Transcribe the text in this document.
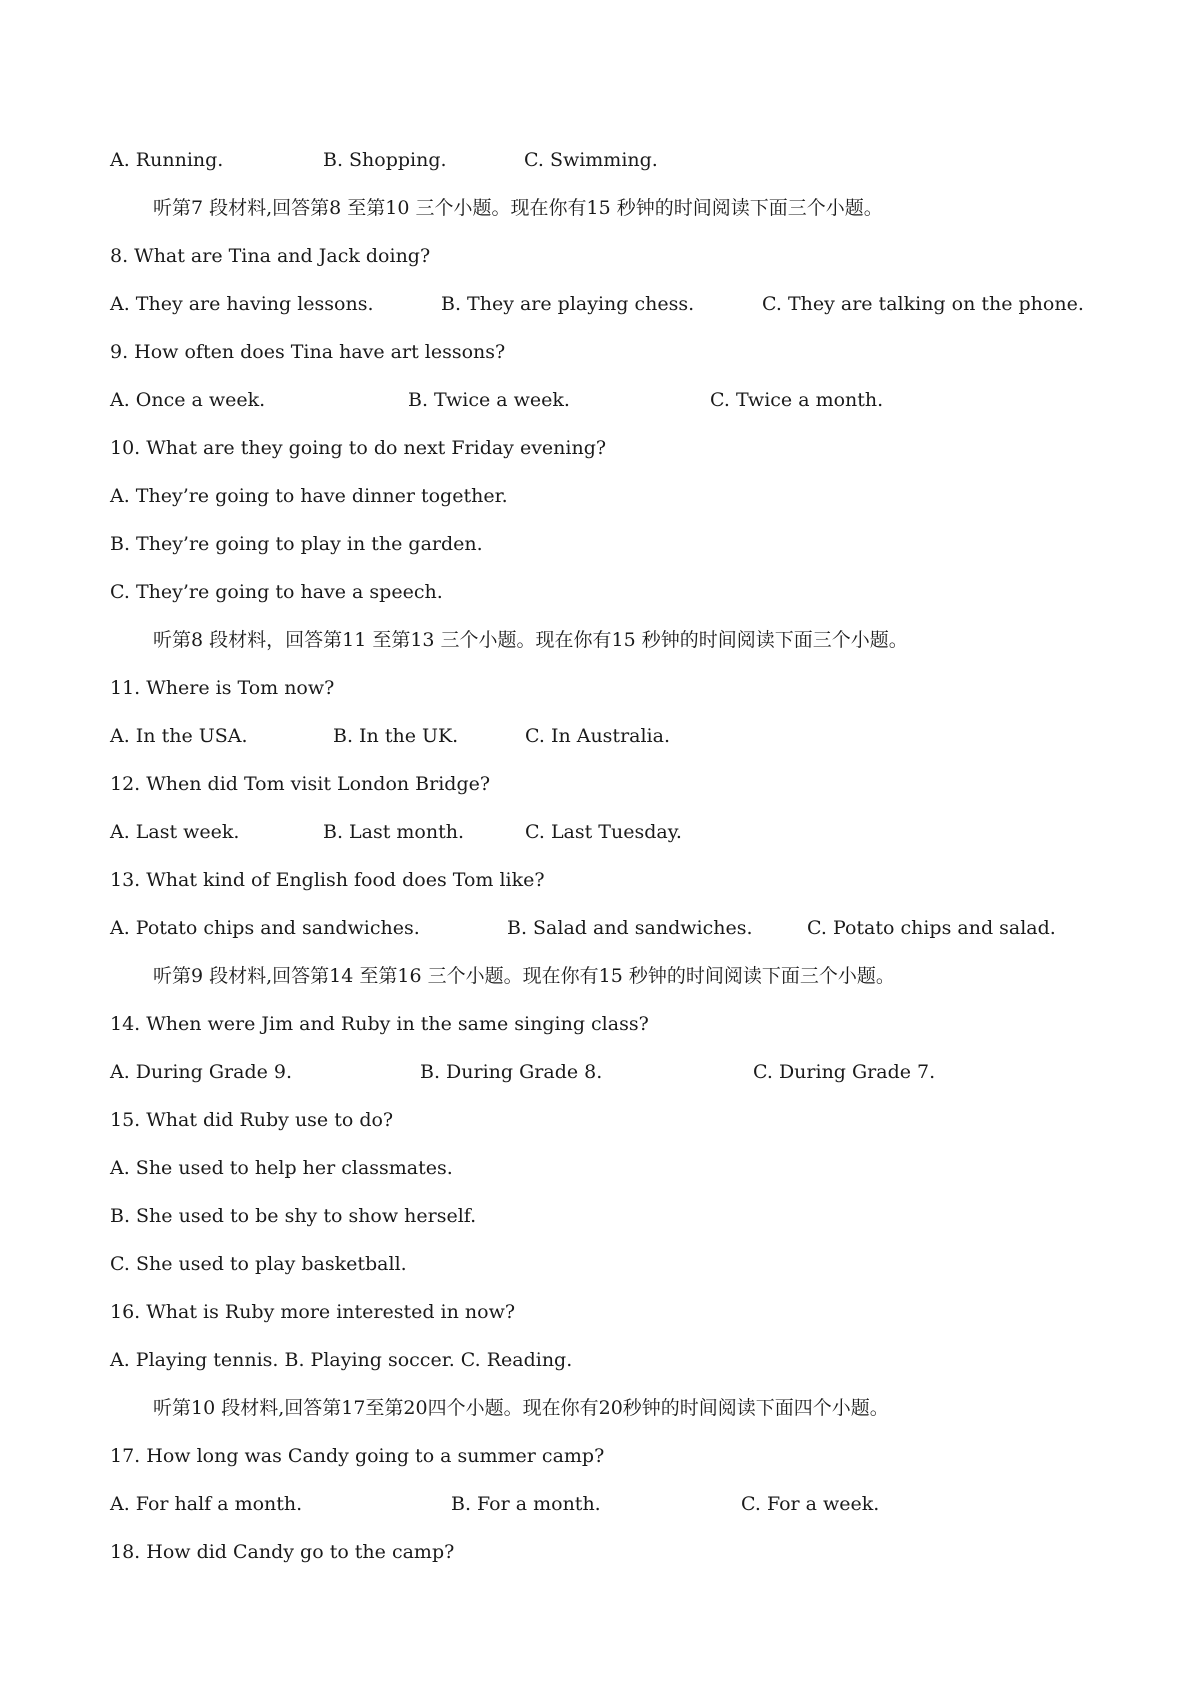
A. Running.	B. Shopping.	C. Swimming.
听第7 段材料,回答第8 至第10 三个小题。现在你有15 秒钟的时间阅读下面三个小题。
8. What are Tina and Jack doing?
A. They are having lessons.	B. They are playing chess.	C. They are talking on the phone.
9. How often does Tina have art lessons?
A. Once a week.	B. Twice a week.	C. Twice a month.
10. What are they going to do next Friday evening?
A. They’re going to have dinner together.
B. They’re going to play in the garden.
C. They’re going to have a speech.
听第8 段材料，回答第11 至第13 三个小题。现在你有15 秒钟的时间阅读下面三个小题。
11. Where is Tom now?
A. In the USA.	B. In the UK.	C. In Australia.
12. When did Tom visit London Bridge?
A. Last week.	B. Last month.	C. Last Tuesday.
13. What kind of English food does Tom like?
A. Potato chips and sandwiches.	B. Salad and sandwiches.	C. Potato chips and salad.
听第9 段材料,回答第14 至第16 三个小题。现在你有15 秒钟的时间阅读下面三个小题。
14. When were Jim and Ruby in the same singing class?
A. During Grade 9.	B. During Grade 8.	C. During Grade 7.
15. What did Ruby use to do?
A. She used to help her classmates.
B. She used to be shy to show herself.
C. She used to play basketball.
16. What is Ruby more interested in now?
A. Playing tennis. B. Playing soccer. C. Reading.
听第10 段材料,回答第17至第20四个小题。现在你有20秒钟的时间阅读下面四个小题。
17. How long was Candy going to a summer camp?
A. For half a month.	B. For a month.	C. For a week.
18. How did Candy go to the camp?
